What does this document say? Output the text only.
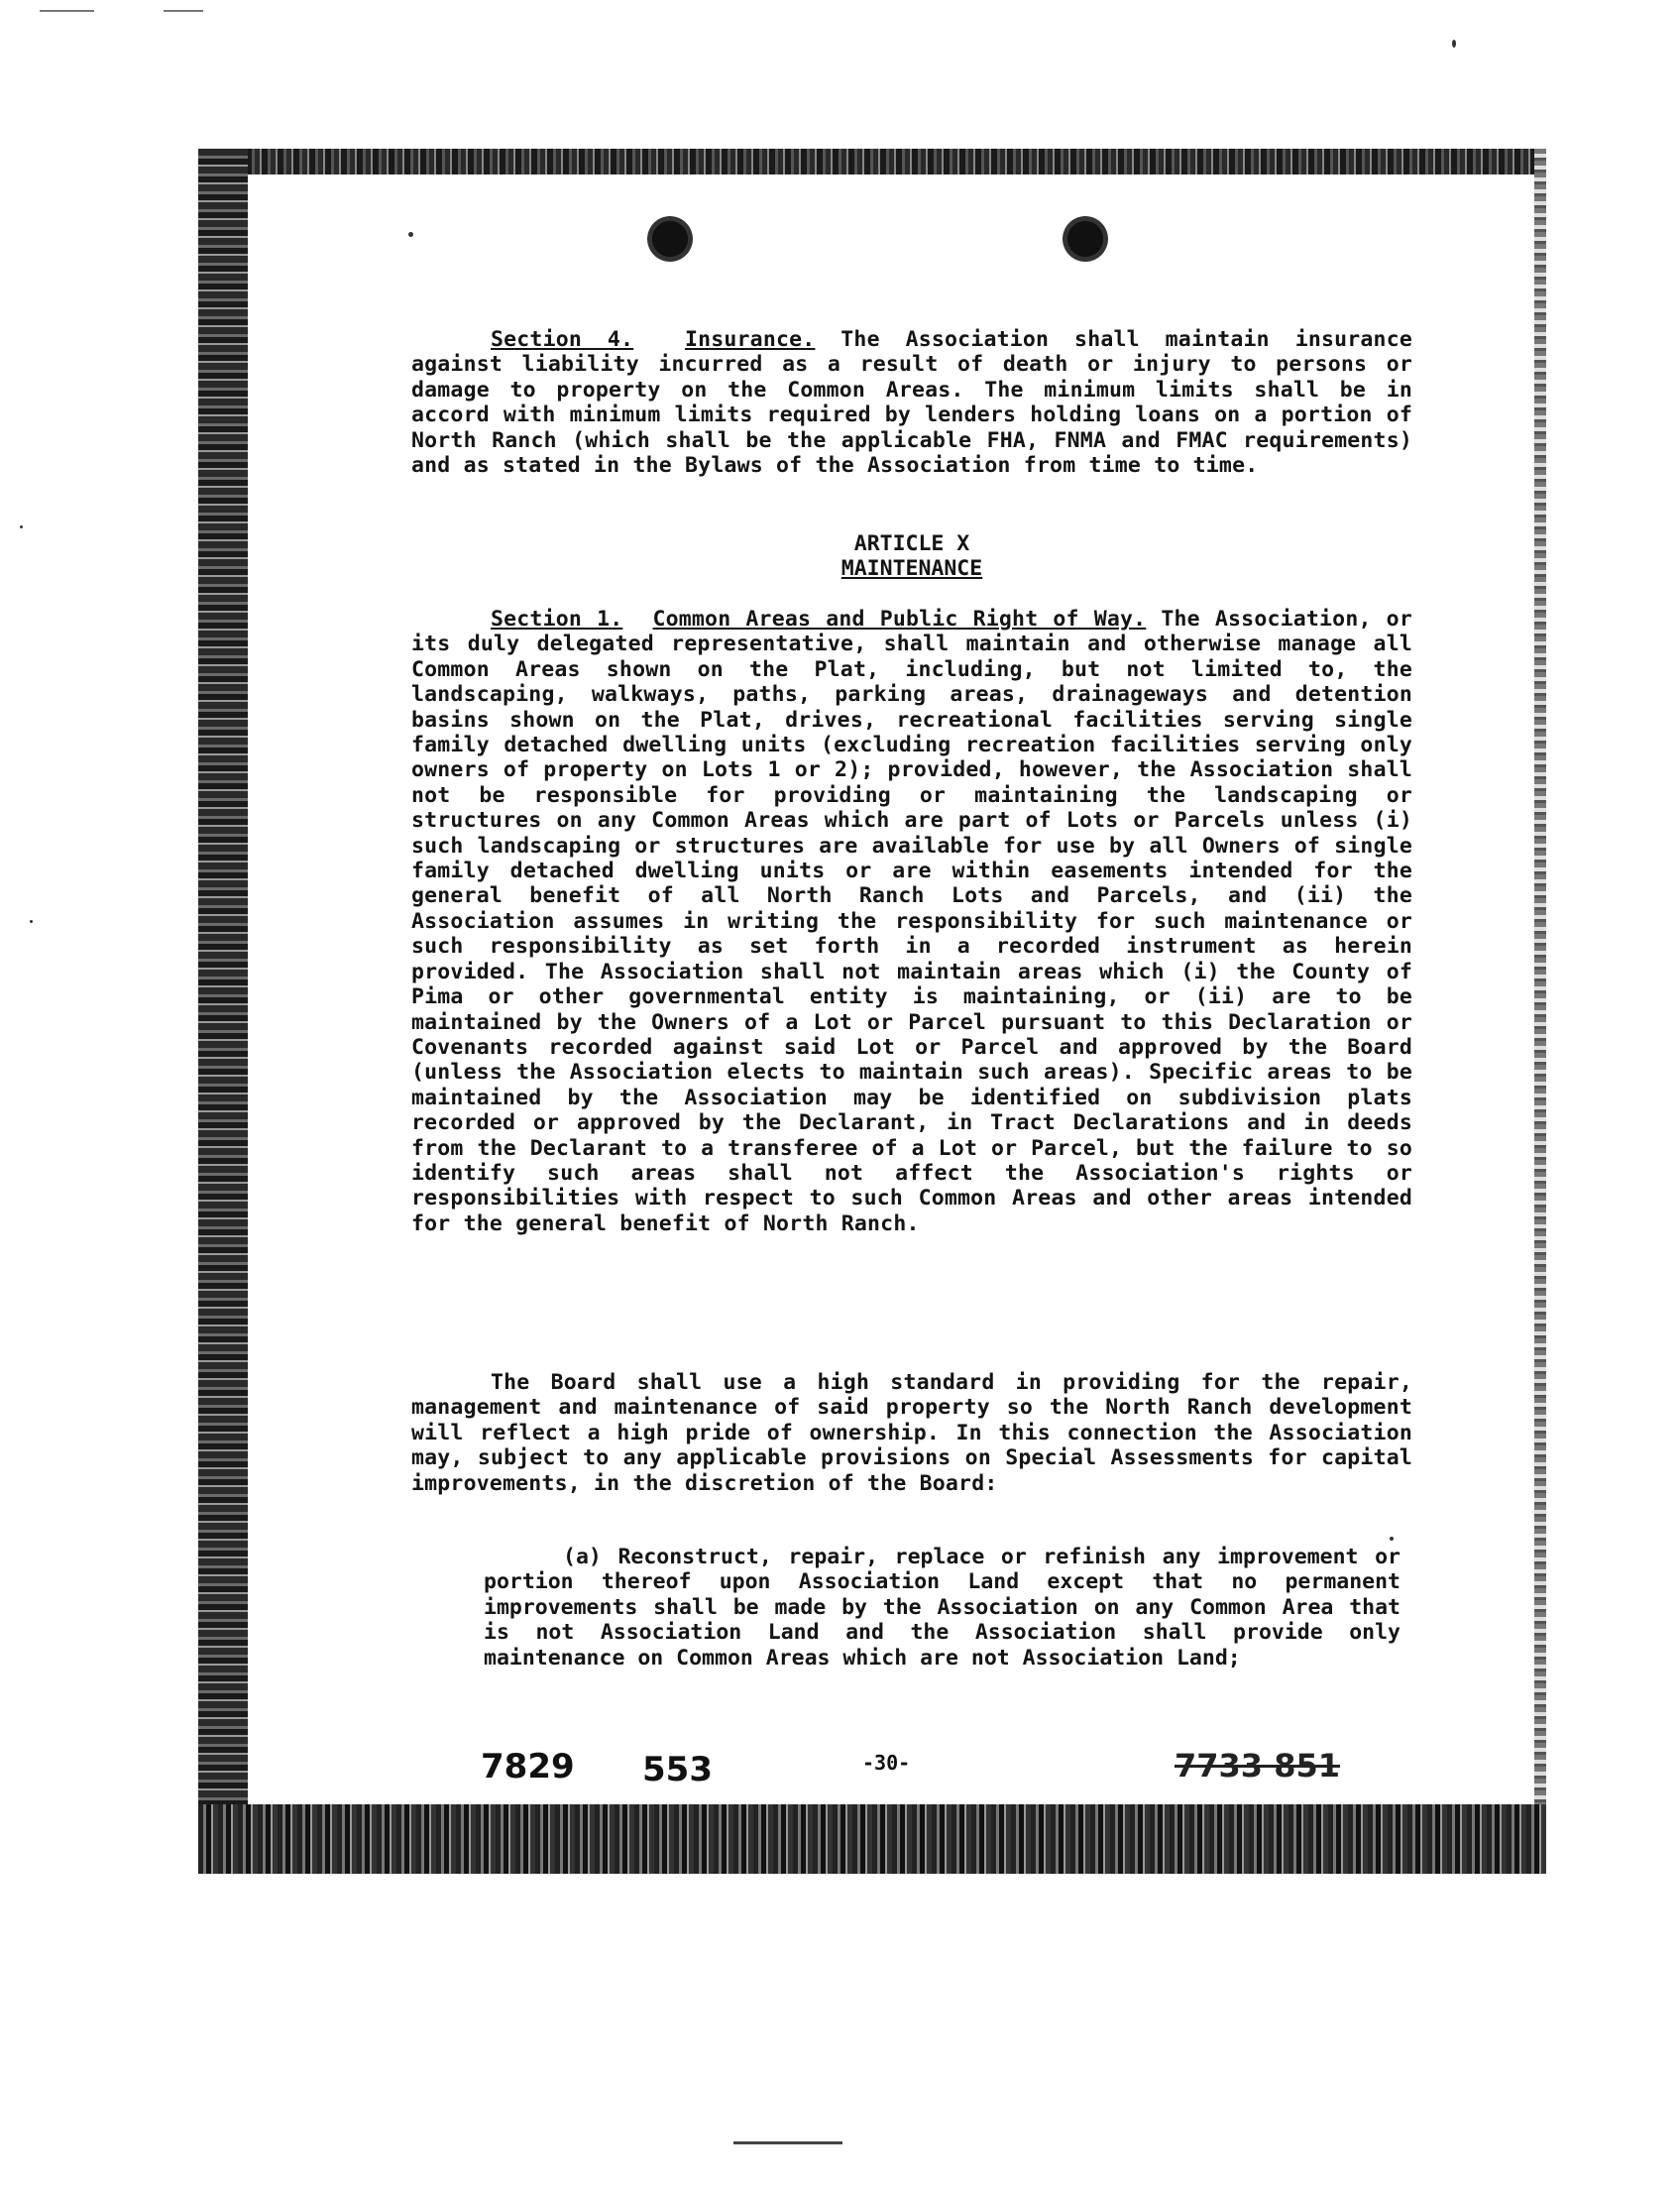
Section 4. Insurance. The Association shall maintain insurance against liability incurred as a result of death or injury to persons or damage to property on the Common Areas. The minimum limits shall be in accord with minimum limits required by lenders holding loans on a portion of North Ranch (which shall be the applicable FHA, FNMA and FMAC requirements) and as stated in the Bylaws of the Association from time to time.

ARTICLE X
MAINTENANCE

Section 1. Common Areas and Public Right of Way. The Association, or its duly delegated representative, shall maintain and otherwise manage all Common Areas shown on the Plat, including, but not limited to, the landscaping, walkways, paths, parking areas, drainageways and detention basins shown on the Plat, drives, recreational facilities serving single family detached dwelling units (excluding recreation facilities serving only owners of property on Lots 1 or 2); provided, however, the Association shall not be responsible for providing or maintaining the landscaping or structures on any Common Areas which are part of Lots or Parcels unless (i) such landscaping or structures are available for use by all Owners of single family detached dwelling units or are within easements intended for the general benefit of all North Ranch Lots and Parcels, and (ii) the Association assumes in writing the responsibility for such maintenance or such responsibility as set forth in a recorded instrument as herein provided. The Association shall not maintain areas which (i) the County of Pima or other governmental entity is maintaining, or (ii) are to be maintained by the Owners of a Lot or Parcel pursuant to this Declaration or Covenants recorded against said Lot or Parcel and approved by the Board (unless the Association elects to maintain such areas). Specific areas to be maintained by the Association may be identified on subdivision plats recorded or approved by the Declarant, in Tract Declarations and in deeds from the Declarant to a transferee of a Lot or Parcel, but the failure to so identify such areas shall not affect the Association's rights or responsibilities with respect to such Common Areas and other areas intended for the general benefit of North Ranch.

The Board shall use a high standard in providing for the repair, management and maintenance of said property so the North Ranch development will reflect a high pride of ownership. In this connection the Association may, subject to any applicable provisions on Special Assessments for capital improvements, in the discretion of the Board:

(a) Reconstruct, repair, replace or refinish any improvement or portion thereof upon Association Land except that no permanent improvements shall be made by the Association on any Common Area that is not Association Land and the Association shall provide only maintenance on Common Areas which are not Association Land;

7829 553	-30-	7733 851
